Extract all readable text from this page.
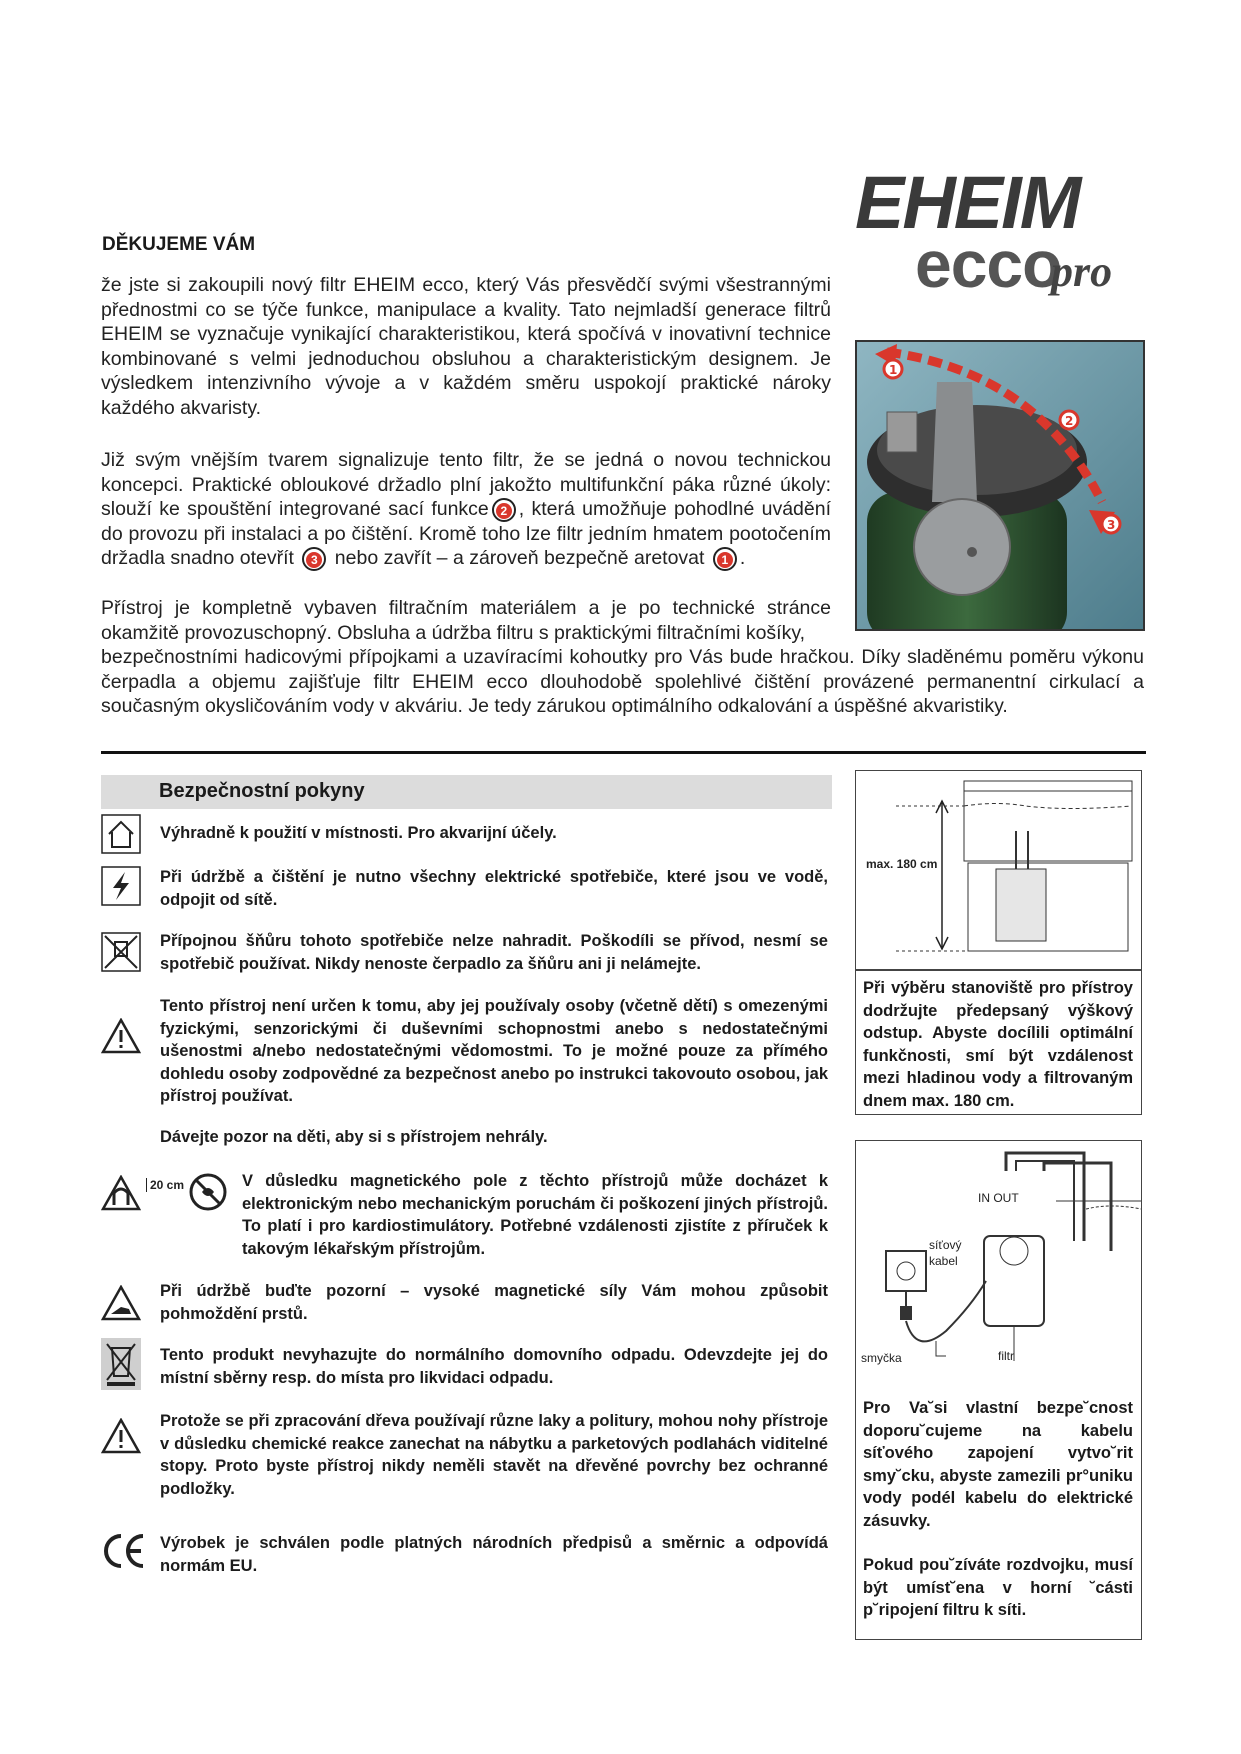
EHEIM
ecco
pro
1
2
3
DĚKUJEME VÁM
že jste si zakoupili nový filtr EHEIM ecco, který Vás přesvědčí svými všestrannými přednostmi co se týče funkce, manipulace a kvality. Tato nejmladší generace filtrů EHEIM se vyznačuje vynikající charakteristikou, která spočívá v inovativní technice kombinované s velmi jednoduchou obsluhou a charakteristickým designem. Je výsledkem intenzivního vývoje a v každém směru uspokojí praktické nároky každého akvaristy.
Již svým vnějším tvarem signalizuje tento filtr, že se jedná o novou technickou koncepci. Praktické obloukové držadlo plní jakožto multifunkční páka různé úkoly: slouží ke spouštění integrované sací funkce 2 , která umožňuje pohodlné uvádění do provozu při instalaci a po čištění. Kromě toho lze filtr jedním hmatem pootočením držadla snadno otevřít 3 nebo zavřít – a zároveň bezpečně aretovat 1 .
Přístroj je kompletně vybaven filtračním materiálem a je po technické stránce okamžitě provozuschopný. Obsluha a údržba filtru s praktickými filtračními košíky,
bezpečnostními hadicovými přípojkami a uzavíracími kohoutky pro Vás bude hračkou. Díky sladěnému poměru výkonu čerpadla a objemu zajišťuje filtr EHEIM ecco dlouhodobě spolehlivé čištění provázené permanentní cirkulací a současným okysličováním vody v akváriu. Je tedy zárukou optimálního odkalování a úspěšné akvaristiky.
Bezpečnostní pokyny
Výhradně k použití v místnosti. Pro akvarijní účely.
Při údržbě a čištění je nutno všechny elektrické spotřebiče, které jsou ve vodě, odpojit od sítě.
Přípojnou šňůru tohoto spotřebiče nelze nahradit. Poškodíli se přívod, nesmí se spotřebič používat. Nikdy nenoste čerpadlo za šňůru ani ji nelámejte.
Tento přístroj není určen k tomu, aby jej používaly osoby (včetně dětí) s omezenými fyzickými, senzorickými či duševními schopnostmi anebo s nedostatečnými ušenostmi a/nebo nedostatečnými vědomostmi. To je možné pouze za přímého dohledu osoby zodpovědné za bezpečnost anebo po instrukci takovouto osobou, jak přístroj používat.
Dávejte pozor na děti, aby si s přístrojem nehrály.
20 cm	V důsledku magnetického pole z těchto přístrojů může docházet k elektronickým nebo mechanickým poruchám či poškození jiných přístrojů. To platí i pro kardiostimulátory. Potřebné vzdálenosti zjistíte z příruček k takovým lékařským přístrojům.
Při údržbě buďte pozorní – vysoké magnetické síly Vám mohou způsobit pohmoždění prstů.
Tento produkt nevyhazujte do normálního domovního odpadu. Odevzdejte jej do místní sběrny resp. do místa pro likvidaci odpadu.
Protože se při zpracování dřeva používají různe laky a politury, mohou nohy přístroje v důsledku chemické reakce zanechat na nábytku a parketových podlahách viditelné stopy. Proto byste přístroj nikdy neměli stavět na dřevěné povrchy bez ochranné podložky.
Výrobek je schválen podle platných národních předpisů a směrnic a odpovídá normám EU.
max. 180 cm
Při výběru stanoviště pro přístroy dodržujte předepsaný výškový odstup. Abyste docílili optimální funkčnosti, smí být vzdálenost mezi hladinou vody a filtrovaným dnem max. 180 cm.
IN OUT
síťový kabel
smyčka	filtr
Pro Va˘si vlastní bezpe˘cnost doporu˘cujeme na kabelu síťového zapojení vytvo˘rit smy˘cku, abyste zamezili pr°uniku vody podél kabelu do elektrické zásuvky.
Pokud pou˘zíváte rozdvojku, musí být umíst˘ena v horní ˘cásti p˘ripojení filtru k síti.
